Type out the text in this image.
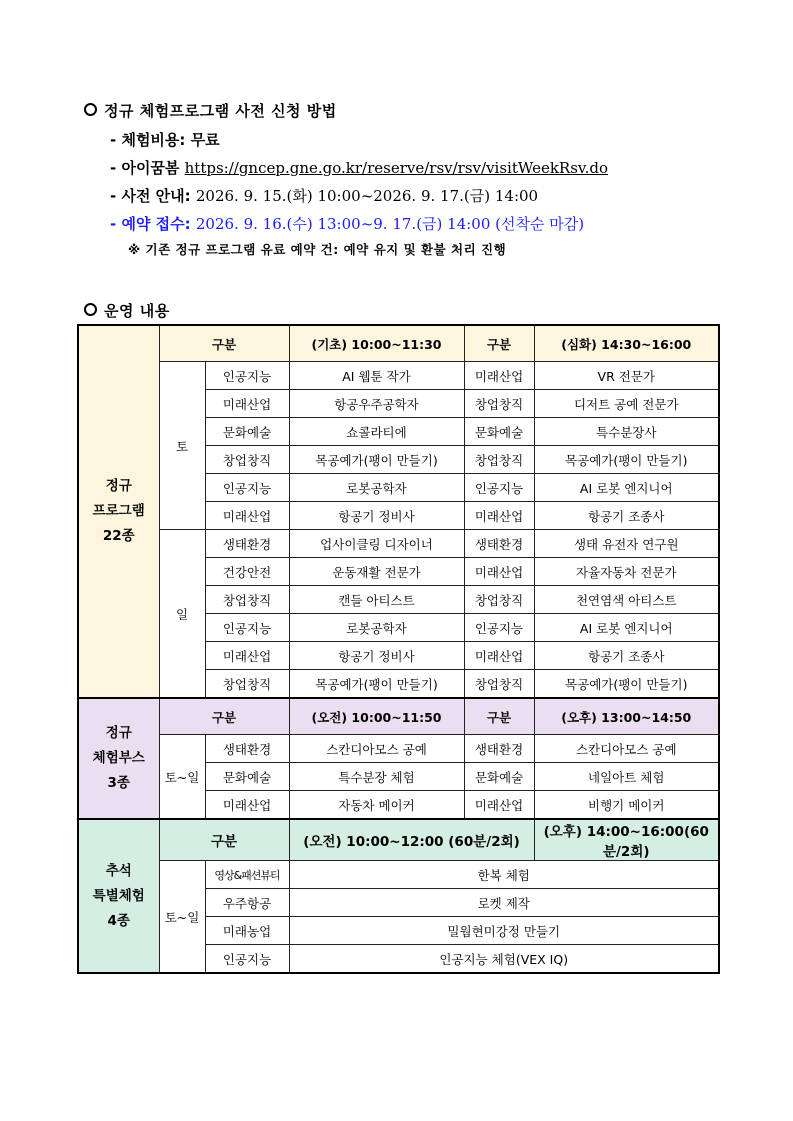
정규 체험프로그램 사전 신청 방법
- 체험비용: 무료
- 아이꿈봄 https://gncep.gne.go.kr/reserve/rsv/rsv/visitWeekRsv.do
- 사전 안내: 2026. 9. 15.(화) 10:00~2026. 9. 17.(금) 14:00
- 예약 접수: 2026. 9. 16.(수) 13:00~9. 17.(금) 14:00 (선착순 마감)
※ 기존 정규 프로그램 유료 예약 건: 예약 유지 및 환불 처리 진행
운영 내용
정규
프로그램
22종	구분		(기초) 10:00~11:30	구분	(심화) 14:30~16:00
	토	인공지능	AI 웹툰 작가	미래산업	VR 전문가
		미래산업	항공우주공학자	창업창직	디저트 공예 전문가
		문화예술	쇼콜라티에	문화예술	특수분장사
		창업창직	목공예가(팽이 만들기)	창업창직	목공예가(팽이 만들기)
		인공지능	로봇공학자	인공지능	AI 로봇 엔지니어
		미래산업	항공기 정비사	미래산업	항공기 조종사
	일	생태환경	업사이클링 디자이너	생태환경	생태 유전자 연구원
		건강안전	운동재활 전문가	미래산업	자율자동차 전문가
		창업창직	캔들 아티스트	창업창직	천연염색 아티스트
		인공지능	로봇공학자	인공지능	AI 로봇 엔지니어
		미래산업	항공기 정비사	미래산업	항공기 조종사
		창업창직	목공예가(팽이 만들기)	창업창직	목공예가(팽이 만들기)
정규
체험부스
3종	구분		(오전) 10:00~11:50	구분	(오후) 13:00~14:50
	토~일	생태환경	스칸디아모스 공예	생태환경	스칸디아모스 공예
		문화예술	특수분장 체험	문화예술	네일아트 체험
		미래산업	자동차 메이커	미래산업	비행기 메이커
추석
특별체험
4종	구분		(오전) 10:00~12:00 (60분/2회)		(오후) 14:00~16:00(60분/2회)
	토~일	영상&패션뷰티	한복 체험		
		우주항공	로켓 제작		
		미래농업	밀웜현미강정 만들기		
		인공지능	인공지능 체험(VEX IQ)		
